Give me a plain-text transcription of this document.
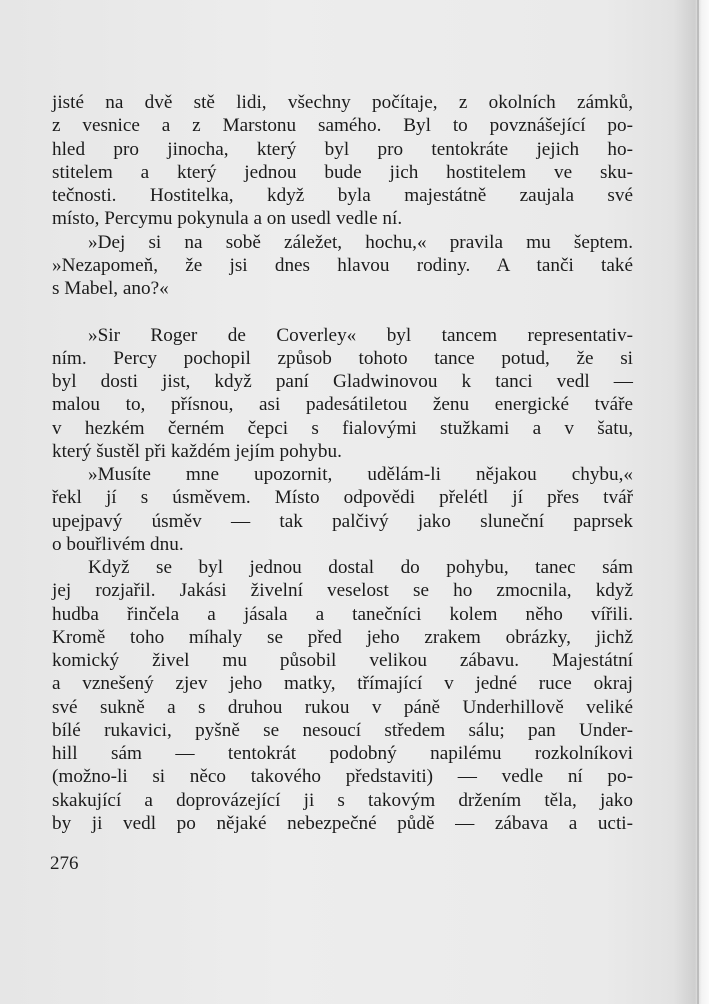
jisté na dvě stě lidi, všechny počítaje, z okolních zámků,
z vesnice a z Marstonu samého. Byl to povznášející po-
hled pro jinocha, který byl pro tentokráte jejich ho-
stitelem a který jednou bude jich hostitelem ve sku-
tečnosti. Hostitelka, když byla majestátně zaujala své
místo, Percymu pokynula a on usedl vedle ní.
»Dej si na sobě záležet, hochu,« pravila mu šeptem.
»Nezapomeň, že jsi dnes hlavou rodiny. A tanči také
s Mabel, ano?«
»Sir Roger de Coverley« byl tancem representativ-
ním. Percy pochopil způsob tohoto tance potud, že si
byl dosti jist, když paní Gladwinovou k tanci vedl —
malou to, přísnou, asi padesátiletou ženu energické tváře
v hezkém černém čepci s fialovými stužkami a v šatu,
který šustěl při každém jejím pohybu.
»Musíte mne upozornit, udělám-li nějakou chybu,«
řekl jí s úsměvem. Místo odpovědi přelétl jí přes tvář
upejpavý úsměv — tak palčivý jako sluneční paprsek
o bouřlivém dnu.
Když se byl jednou dostal do pohybu, tanec sám
jej rozjařil. Jakási živelní veselost se ho zmocnila, když
hudba řinčela a jásala a tanečníci kolem něho vířili.
Kromě toho míhaly se před jeho zrakem obrázky, jichž
komický živel mu působil velikou zábavu. Majestátní
a vznešený zjev jeho matky, třímající v jedné ruce okraj
své sukně a s druhou rukou v páně Underhillově veliké
bílé rukavici, pyšně se nesoucí středem sálu; pan Under-
hill sám — tentokrát podobný napilému rozkolníkovi
(možno-li si něco takového představiti) — vedle ní po-
skakující a doprovázející ji s takovým držením těla, jako
by ji vedl po nějaké nebezpečné půdě — zábava a ucti-
276
